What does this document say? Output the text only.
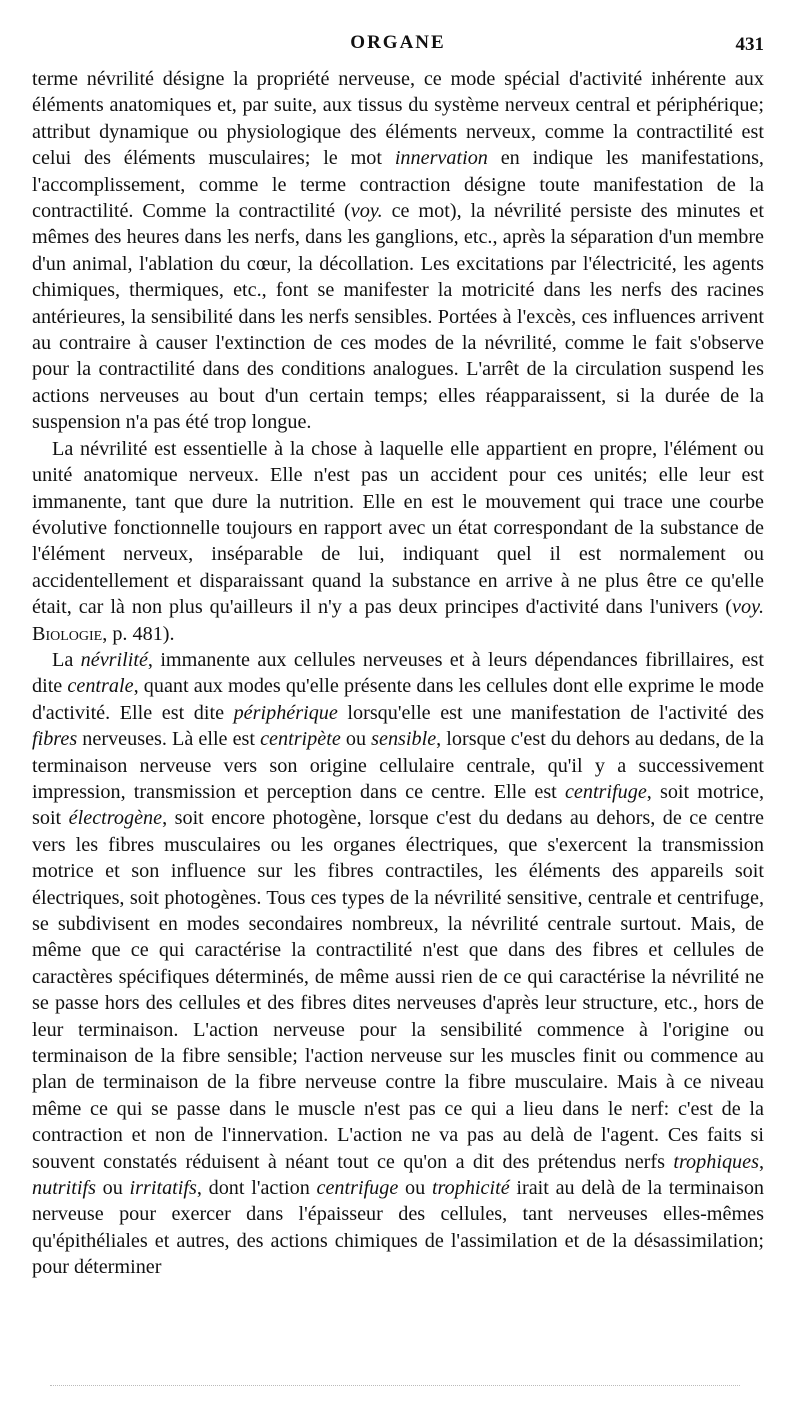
ORGANE	431

terme névrilité désigne la propriété nerveuse, ce mode spécial d'activité inhérente aux éléments anatomiques et, par suite, aux tissus du système nerveux central et périphérique; attribut dynamique ou physiologique des éléments nerveux, comme la contractilité est celui des éléments musculaires; le mot innervation en indique les manifestations, l'accomplissement, comme le terme contraction désigne toute manifestation de la contractilité. Comme la contractilité (voy. ce mot), la névrilité persiste des minutes et mêmes des heures dans les nerfs, dans les ganglions, etc., après la séparation d'un membre d'un animal, l'ablation du cœur, la décollation. Les excitations par l'électricité, les agents chimiques, thermiques, etc., font se manifester la motricité dans les nerfs des racines antérieures, la sensibilité dans les nerfs sensibles. Portées à l'excès, ces influences arrivent au contraire à causer l'extinction de ces modes de la névrilité, comme le fait s'observe pour la contractilité dans des conditions analogues. L'arrêt de la circulation suspend les actions nerveuses au bout d'un certain temps; elles réapparaissent, si la durée de la suspension n'a pas été trop longue.

La névrilité est essentielle à la chose à laquelle elle appartient en propre, l'élément ou unité anatomique nerveux. Elle n'est pas un accident pour ces unités; elle leur est immanente, tant que dure la nutrition. Elle en est le mouvement qui trace une courbe évolutive fonctionnelle toujours en rapport avec un état correspondant de la substance de l'élément nerveux, inséparable de lui, indiquant quel il est normalement ou accidentellement et disparaissant quand la substance en arrive à ne plus être ce qu'elle était, car là non plus qu'ailleurs il n'y a pas deux principes d'activité dans l'univers (voy. Biologie, p. 481).

La névrilité, immanente aux cellules nerveuses et à leurs dépendances fibrillaires, est dite centrale, quant aux modes qu'elle présente dans les cellules dont elle exprime le mode d'activité. Elle est dite périphérique lorsqu'elle est une manifestation de l'activité des fibres nerveuses. Là elle est centripète ou sensible, lorsque c'est du dehors au dedans, de la terminaison nerveuse vers son origine cellulaire centrale, qu'il y a successivement impression, transmission et perception dans ce centre. Elle est centrifuge, soit motrice, soit électrogène, soit encore photogène, lorsque c'est du dedans au dehors, de ce centre vers les fibres musculaires ou les organes électriques, que s'exercent la transmission motrice et son influence sur les fibres contractiles, les éléments des appareils soit électriques, soit photogènes. Tous ces types de la névrilité sensitive, centrale et centrifuge, se subdivisent en modes secondaires nombreux, la névrilité centrale surtout. Mais, de même que ce qui caractérise la contractilité n'est que dans des fibres et cellules de caractères spécifiques déterminés, de même aussi rien de ce qui caractérise la névrilité ne se passe hors des cellules et des fibres dites nerveuses d'après leur structure, etc., hors de leur terminaison. L'action nerveuse pour la sensibilité commence à l'origine ou terminaison de la fibre sensible; l'action nerveuse sur les muscles finit ou commence au plan de terminaison de la fibre nerveuse contre la fibre musculaire. Mais à ce niveau même ce qui se passe dans le muscle n'est pas ce qui a lieu dans le nerf: c'est de la contraction et non de l'innervation. L'action ne va pas au delà de l'agent. Ces faits si souvent constatés réduisent à néant tout ce qu'on a dit des prétendus nerfs trophiques, nutritifs ou irritatifs, dont l'action centrifuge ou trophicité irait au delà de la terminaison nerveuse pour exercer dans l'épaisseur des cellules, tant nerveuses elles-mêmes qu'épithéliales et autres, des actions chimiques de l'assimilation et de la désassimilation; pour déterminer
